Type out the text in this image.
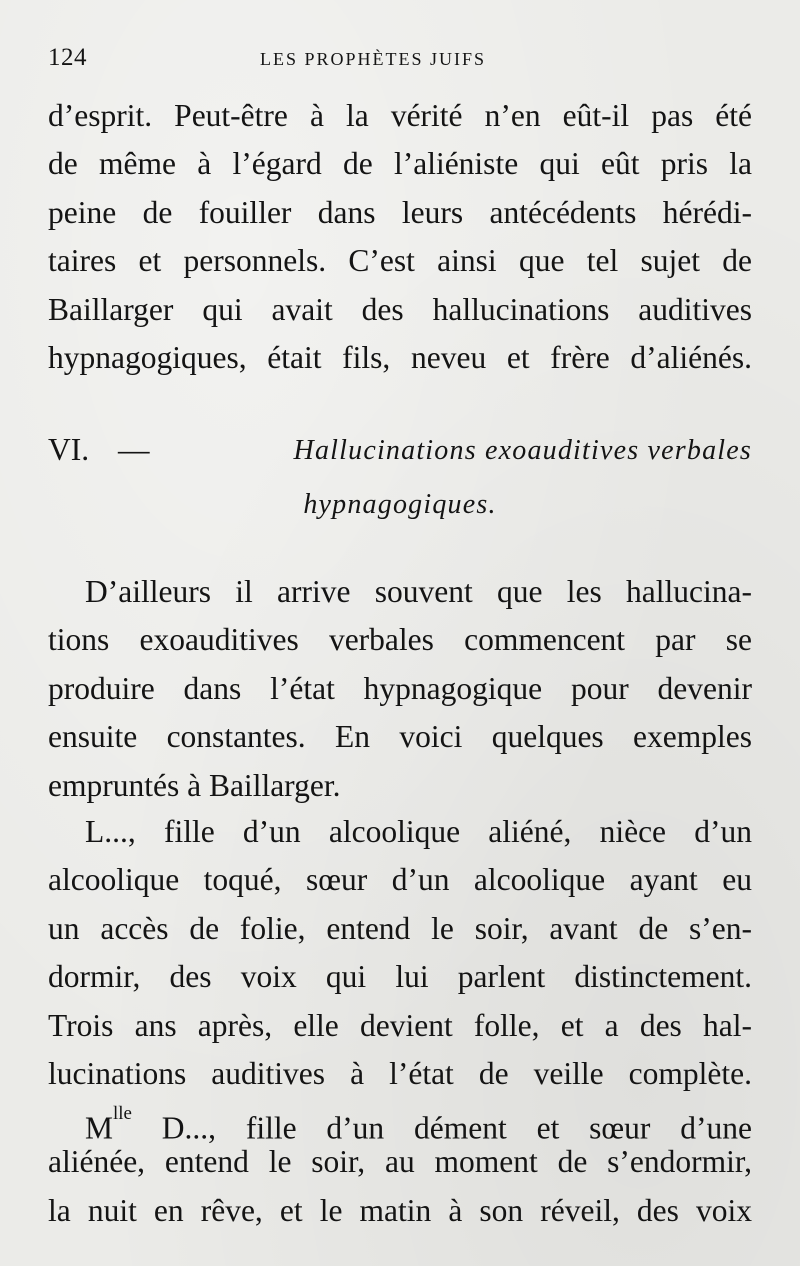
124	LES PROPHÈTES JUIFS
d’esprit. Peut-être à la vérité n’en eût-il pas été
de même à l’égard de l’aliéniste qui eût pris la
peine de fouiller dans leurs antécédents hérédi-
taires et personnels. C’est ainsi que tel sujet de
Baillarger qui avait des hallucinations auditives
hypnagogiques, était fils, neveu et frère d’aliénés.
VI. —	Hallucinations exoauditives verbales
hypnagogiques.
D’ailleurs il arrive souvent que les hallucina-
tions exoauditives verbales commencent par se
produire dans l’état hypnagogique pour devenir
ensuite constantes. En voici quelques exemples
empruntés à Baillarger.
L..., fille d’un alcoolique aliéné, nièce d’un
alcoolique toqué, sœur d’un alcoolique ayant eu
un accès de folie, entend le soir, avant de s’en-
dormir, des voix qui lui parlent distinctement.
Trois ans après, elle devient folle, et a des hal-
lucinations auditives à l’état de veille complète.
$M^{lle}$ D..., fille d’un dément et sœur d’une
aliénée, entend le soir, au moment de s’endormir,
la nuit en rêve, et le matin à son réveil, des voix
